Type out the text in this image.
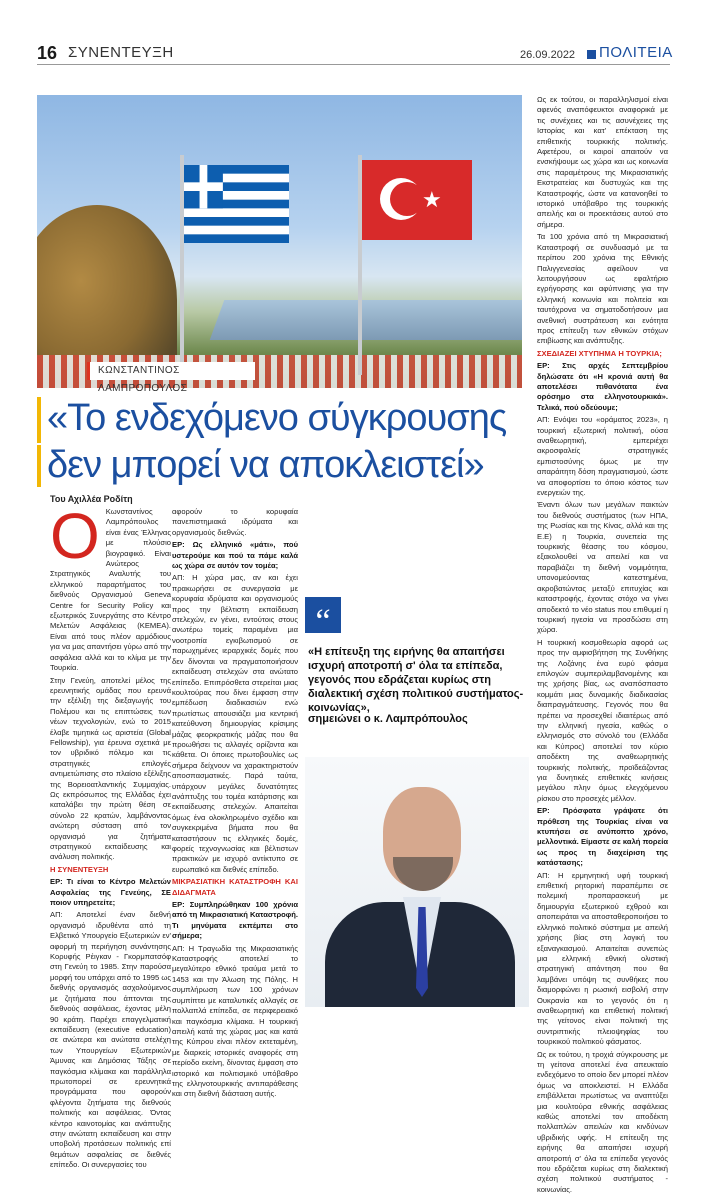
16 ΣΥΝΕΝΤΕΥΞΗ	26.09.2022 ΠΟΛΙΤΕΙΑ
★
ΚΩΝΣΤΑΝΤΙΝΟΣ ΛΑΜΠΡΟΠΟΥΛΟΣ
«Το ενδεχόμενο σύγκρουσης
δεν μπορεί να αποκλειστεί»
Του Αχιλλέα Ροδίτη

Ο Κωνσταντίνος Λαμπρόπουλος είναι ένας Έλληνας με πλούσιο βιογραφικό. Είναι Ανώτερος Στρατηγικός Αναλυτής του ελληνικού παραρτήματος του διεθνούς Οργανισμού Geneva Centre for Security Policy και εξωτερικός Συνεργάτης στο Κέντρο Μελετών Ασφάλειας (ΚΕΜΕΑ). Είναι από τους πλέον αρμόδιους για να μας απαντήσει γύρω από την ασφάλεια αλλά και το κλίμα με την Τουρκία.

Στην Γενεύη, αποτελεί μέλος της ερευνητικής ομάδας που ερευνά την εξέλιξη της διεξαγωγής του Πολέμου και τις επιπτώσεις των νέων τεχνολογιών, ενώ το 2015 έλαβε τιμητικά ως αριστεία (Global Fellowship), για έρευνα σχετικά με τον υβριδικό πόλεμο και τις στρατηγικές επιλογές αντιμετώπισης στο πλαίσιο εξέλιξης της Βορειοατλαντικής Συμμαχίας. Ως εκπρόσωπος της Ελλάδας έχει καταλάβει την πρώτη θέση σε σύνολο 22 κρατών, λαμβάνοντας ανώτερη σύσταση από τον οργανισμό για ζητήματα στρατηγικού εκπαίδευσης και ανάλυση πολιτικής.

Η ΣΥΝΕΝΤΕΥΞΗ

ΕΡ: Τι είναι το Κέντρο Μελετών Ασφαλείας της Γενεύης, ΣΕ ποιον υπηρετείτε;

ΑΠ: Αποτελεί έναν διεθνή οργανισμό ιδρυθέντα από τη Ελβετικό Υπουργείο Εξωτερικών εν' αφορμή τη περιήγηση συνάντησης Κορυφής Ρέιγκαν - Γκορμπατσόφ στη Γενεύη το 1985. Στην παρούσα μορφή του υπάρχει από το 1995 ως διεθνής οργανισμός ασχολούμενος με ζητήματα που άπτονται της διεθνούς ασφάλειας, έχοντας μέλη 90 κράτη. Παρέχει επαγγελματική εκπαίδευση (executive education) σε ανώτερα και ανώτατα στελέχη των Υπουργείων Εξωτερικών Άμυνας και Δημόσιας Τάξης σε παγκόσμια κλίμακα και παράλληλα πρωτοπορεί σε ερευνητικά προγράμματα που αφορούν φλέγοντα ζητήματα της διεθνούς πολιτικής και ασφάλειας. Όντας κέντρο καινοτομίας και ανάπτυξης στην ανώτατη εκπαίδευση και στην υποβολή προτάσεων πολιτικής επί θεμάτων ασφαλείας σε διεθνές επίπεδο. Οι συνεργασίες του

αφορούν το κορυφαία πανεπιστημιακά ιδρύματα και οργανισμούς διεθνώς.

ΕΡ: Ως ελληνικό «μάτι», πού υστερούμε και πού τα πάμε καλά ως χώρα σε αυτόν τον τομέα;

ΑΠ: Η χώρα μας, αν και έχει πρακωρήσει σε συνεργασία με κορυφαία ιδρύματα και οργανισμούς προς την βέλτιστη εκπαίδευση στελεχών, εν γένει, εντούτοις στους ανωτέρω τομείς παραμένει μια νοοτροπία εγκιβωτισμού σε παρωχημένες ιεραρχικές δομές που δεν δίνονται να πραγματοποιήσουν εκπαίδευση στελεχών στα ανώτατο επίπεδο. Επιπρόσθετα στερείται μιας κουλτούρας που δίνει έμφαση στην εμπέδωση διαδικασιών ενώ πρωτίστως απουσιάζει μια κεντρική κατεύθυνση δημιουργίας κρίσιμης μάζας φεορκρατικής μάζας που θα προωθήσει τις αλλαγές ορίζοντα και κάθετα. Οι όποιες πρωτοβουλίες ως σήμερα δείχνουν να χαρακτηριστούν αποσπασματικές. Παρά ταύτα, υπάρχουν μεγάλες δυνατότητες ανάπτυξης του τομέα κατάρτισης και εκπαίδευσης στελεχών. Απαιτείται όμως ένα ολοκληρωμένο σχέδιο και συγκεκριμένα βήματα που θα καταστήσουν τις ελληνικές δομές, φορείς τεχνογνωσίας και βέλτιστων πρακτικών με ισχυρό αντίκτυπο σε ευρωπαϊκό και διεθνές επίπεδο.

ΜΙΚΡΑΣΙΑΤΙΚΗ ΚΑΤΑΣΤΡΟΦΗ ΚΑΙ ΔΙΔΑΓΜΑΤΑ

ΕΡ: Συμπληρώθηκαν 100 χρόνια από τη Μικρασιατική Καταστροφή. Τι μηνύματα εκπέμπει στο σήμερα;

ΑΠ: Η Τραγωδία της Μικρασιατικής Καταστροφής αποτελεί το μεγαλύτερο εθνικό τραύμα μετά το 1453 και την Άλωση της Πόλης. Η συμπλήρωση των 100 χρόνων συμπίπτει με καταλυτικές αλλαγές σε πολλαπλά επίπεδα, σε περιφερειακό και παγκόσμια κλίμακα. Η τουρκική απειλή κατά της χώρας μας και κατά της Κύπρου είναι πλέον εκτεταμένη, με διαρκείς ιστορικές αναφορές στη περίοδο εκείνη, δίνοντας έμφαση στο ιστορικό και πολιτισμικό υπόβαθρο της ελληνοτουρκικής αντιπαράθεσης και στη διεθνή διάσταση αυτής.

“
«Η επίτευξη της ειρήνης θα απαιτήσει ισχυρή αποτροπή σ' όλα τα επίπεδα, γεγονός που εδράζεται κυρίως στη διαλεκτική σχέση πολιτικού συστήματος-κοινωνίας»,
σημειώνει ο κ. Λαμπρόπουλος

Ως εκ τούτου, οι παραλληλισμοί είναι αφενός αναπόφευκτοι αναφορικά με τις συνέχειες και τις ασυνέχειες της Ιστορίας και κατ' επέκταση της επιθετικής τουρκικής πολιτικής. Αφετέρου, οι καιροί απαιτούν να ενσκήψουμε ως χώρα και ως κοινωνία στις παραμέτρους της Μικρασιατικής Εκστρατείας και δυστυχώς και της Καταστροφής, ώστε να κατανοηθεί το ιστορικό υπόβαθρο της τουρκικής απειλής και οι προεκτάσεις αυτού στο σήμερα.

Τα 100 χρόνια από τη Μικρασιατική Καταστροφή σε συνδυασμό με τα περίπου 200 χρόνια της Εθνικής Παλιγγενεσίας αφείλουν να λειτουργήσουν ως εφαλτήριο εγρήγορσης και αφύπνισης για την ελληνική κοινωνία και πολιτεία και ταυτόχρονα να σηματοδοτήσουν μια ανεθνική συστράτευση και ενότητα προς επίτευξη των εθνικών στόχων επιβίωσης και ανάπτυξης.

ΣΧΕΔΙΑΖΕΙ ΧΤΥΠΗΜΑ Η ΤΟΥΡΚΙΑ;

ΕΡ: Στις αρχές Σεπτεμβρίου δηλώσατε ότι «Η κρονιά αυτή θα αποτελέσει πιθανότατα ένα ορόσημο στα ελληνοτουρκικά». Τελικά, πού οδεύουμε;

ΑΠ: Ενόψει του «οράματος 2023», η τουρκική εξωτερική πολιτική, ούσα αναθεωρητική, εμπεριέχει ακροσφαλείς στρατηγικές εμπιστοσύνης όμως με την απαράιτητη δόση πραγματισμού, ώστε να αποφορτίσει το όποιο κόστος των ενεργειών της.

Έναντι όλων των μεγάλων παικτών του διεθνούς συστήματος (των ΗΠΑ, της Ρωσίας και της Κίνας, αλλά και της Ε.Ε) η Τουρκία, συνεπεία της τουρκικής θέασης του κόσμου, εξακολουθεί να απειλεί και να παραβιάζει τη διεθνή νομιμότητα, υπονομεύοντας κατεστημένα, ακροβατώντας μεταξύ επιτυχίας και καταστροφής, έχοντας στόχο να γίνει αποδεκτό το νέο status που επιθυμεί η τουρκική ηγεσία να προσδώσει στη χώρα.

Η τουρκική κοσμοθεωρία αφορά ως προς την αμφισβήτηση της Συνθήκης της Λοζάνης ένα ευρύ φάσμα επιλογών συμπεριλαμβανομένης και της χρήσης βίας, ως αναπόσπαστο κομμάτι μιας δυναμικής διαδικασίας διαπραγμάτευσης. Γεγονός που θα πρέπει να προσεχθεί ιδιαιτέρως από την ελληνική ηγεσία, καθώς ο ελληνισμός στο σύνολό του (Ελλάδα και Κύπρος) αποτελεί τον κύριο αποδέκτη της αναθεωρητικής τουρκικής πολιτικής, προϊδεάζοντας για δυνητικές επιθετικές κινήσεις μεγάλου πλην όμως ελεγχόμενου ρίσκου στο προσεχές μέλλον.

ΕΡ: Πρόσφατα γράψατε ότι πρόθεση της Τουρκίας είναι να κτυπήσει σε ανύποπτο χρόνο, μελλοντικά. Είμαστε σε καλή πορεία ως προς τη διαχείριση της κατάστασης;

ΑΠ: Η ερμηνητική υφή τουρκική επιθετική ρητορική παραπέμπει σε πολεμική προπαρασκευή με δημιουργία εξωτερικού εχθρού και αποπειράται να αποσταθεροποιήσει το ελληνικό πολιτικό σύστημα με απειλή χρήσης βίας στη λογική του εξαναγκασμού. Απαιτείται συνεπώς μια ελληνική εθνική ολιστική στρατηγική απάντηση που θα λαμβάνει υπόψη τις συνθήκες που διαμορφώνει η ρωσική εισβολή στην Ουκρανία και το γεγονός ότι η αναθεωρητική και επιθετική πολιτική της γείτονος είναι πολιτική της συντριπτικής πλειοψηφίας του τουρκικού πολιτικού φάσματος.

Ως εκ τούτου, η τροχιά σύγκρουσης με τη γείτονα αποτελεί ένα απευκταίο ενδεχόμενο το οποίο δεν μπορεί πλέον όμως να αποκλειστεί. Η Ελλάδα επιβάλλεται πρωτίστως να αναπτύξει μια κουλτούρα εθνικής ασφάλειας καθώς αποτελεί τον αποδέκτη πολλαπλών απειλών και κινδύνων υβριδικής υφής. Η επίτευξη της ειρήνης θα απαιτήσει ισχυρή αποτροπή σ' όλα τα επίπεδα γεγονός που εδράζεται κυρίως στη διαλεκτική σχέση πολιτικού συστήματος - κοινωνίας.
